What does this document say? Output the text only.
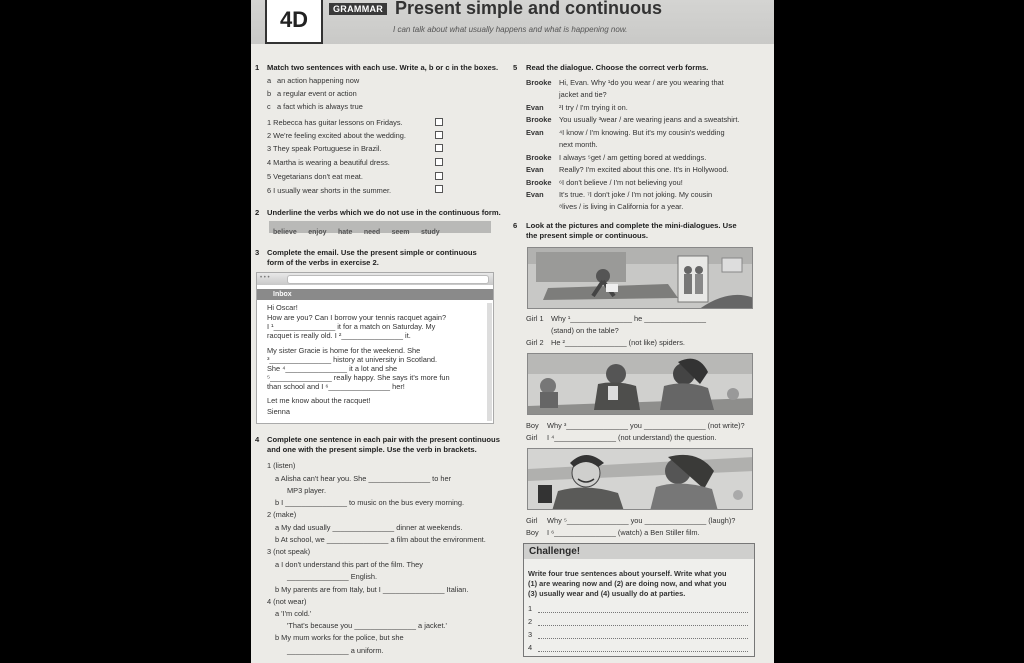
4D	GRAMMAR Present simple and continuous
I can talk about what usually happens and what is happening now.
1 Match two sentences with each use. Write a, b or c in the boxes.
a an action happening now
b a regular event or action
c a fact which is always true
1 Rebecca has guitar lessons on Fridays.
2 We're feeling excited about the wedding.
3 They speak Portuguese in Brazil.
4 Martha is wearing a beautiful dress.
5 Vegetarians don't eat meat.
6 I usually wear shorts in the summer.
2 Underline the verbs which we do not use in the continuous form.
believe enjoy hate need seem study
3 Complete the email. Use the present simple or continuous
form of the verbs in exercise 2.
• • •
Inbox
Hi Oscar!
How are you? Can I borrow your tennis racquet again?
I ¹_______________ it for a match on Saturday. My
racquet is really old. I ²_______________ it.
My sister Gracie is home for the weekend. She
³_______________ history at university in Scotland.
She ⁴_______________ it a lot and she
⁵_______________ really happy. She says it's more fun
than school and I ⁶_______________ her!
Let me know about the racquet!
Sienna
4 Complete one sentence in each pair with the present continuous
and one with the present simple. Use the verb in brackets.
1 (listen)
a Alisha can't hear you. She _______________ to her
MP3 player.
b I _______________ to music on the bus every morning.
2 (make)
a My dad usually _______________ dinner at weekends.
b At school, we _______________ a film about the environment.
3 (not speak)
a I don't understand this part of the film. They
_______________ English.
b My parents are from Italy, but I _______________ Italian.
4 (not wear)
a 'I'm cold.'
'That's because you _______________ a jacket.'
b My mum works for the police, but she
_______________ a uniform.
5 Read the dialogue. Choose the correct verb forms.
Brooke Hi, Evan. Why ¹do you wear / are you wearing that
jacket and tie?
Evan ²I try / I'm trying it on.
Brooke You usually ³wear / are wearing jeans and a sweatshirt.
Evan ⁴I know / I'm knowing. But it's my cousin's wedding
next month.
Brooke I always ⁵get / am getting bored at weddings.
Evan Really? I'm excited about this one. It's in Hollywood.
Brooke ⁶I don't believe / I'm not believing you!
Evan It's true. ⁷I don't joke / I'm not joking. My cousin
⁸lives / is living in California for a year.
6 Look at the pictures and complete the mini-dialogues. Use
the present simple or continuous.
Girl 1 Why ¹_______________ he _______________
(stand) on the table?
Girl 2 He ²_______________ (not like) spiders.
Boy Why ³_______________ you _______________ (not write)?
Girl I ⁴_______________ (not understand) the question.
Girl Why ⁵_______________ you _______________ (laugh)?
Boy I ⁶_______________ (watch) a Ben Stiller film.
Challenge!
Write four true sentences about yourself. Write what you
(1) are wearing now and (2) are doing now, and what you
(3) usually wear and (4) usually do at parties.
1
2
3
4
